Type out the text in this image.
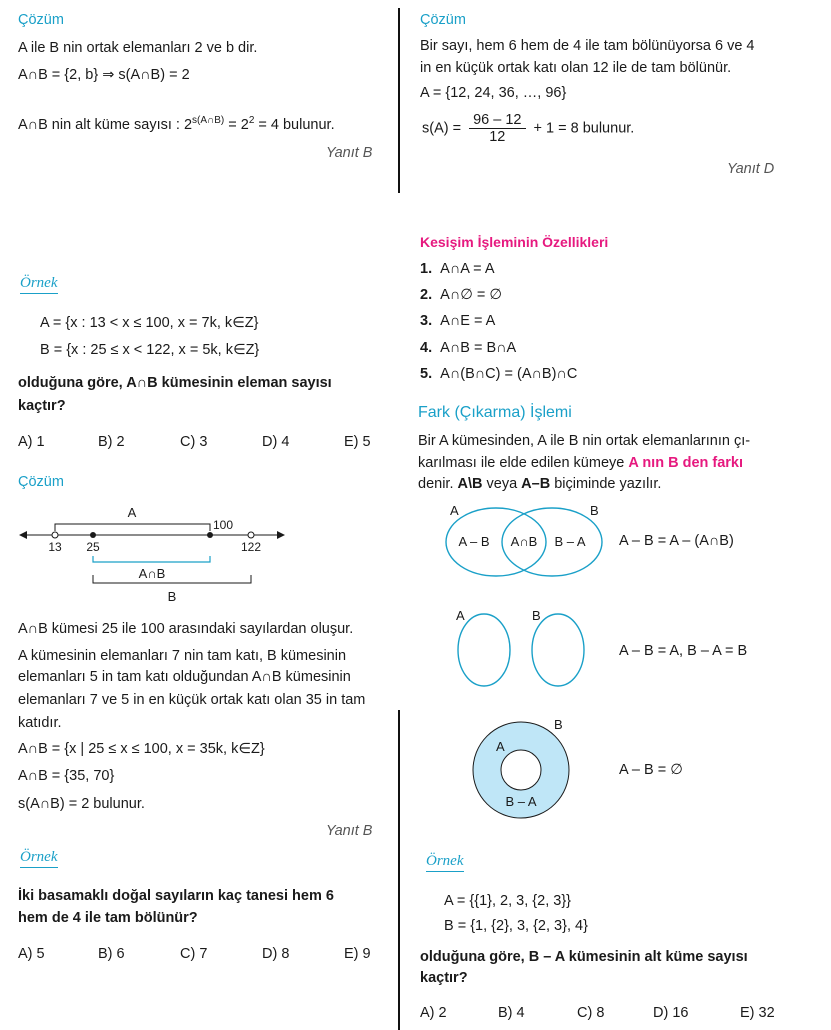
Çözüm
A ile B nin ortak elemanları 2 ve b dir.
A∩B = {2, b} ⇒ s(A∩B) = 2
A∩B nin alt küme sayısı : $2^{s(A\cap B)} = 2^2 = 4$ bulunur.
Yanıt B
Örnek
A = {x : 13 < x ≤ 100, x = 7k, k∈Z}
B = {x : 25 ≤ x < 122, x = 5k, k∈Z}
olduğuna göre, A∩B kümesinin eleman sayısı
kaçtır?
A) 1	B) 2	C) 3	D) 4	E) 5
Çözüm
A
13 25
100
122
A∩B
B
A∩B kümesi 25 ile 100 arasındaki sayılardan oluşur.
A kümesinin elemanları 7 nin tam katı, B kümesinin
elemanları 5 in tam katı olduğundan A∩B kümesinin
elemanları 7 ve 5 in en küçük ortak katı olan 35 in tam
katıdır.
A∩B = {x | 25 ≤ x ≤ 100, x = 35k, k∈Z}
A∩B = {35, 70}
s(A∩B) = 2 bulunur.
Yanıt B
Örnek
İki basamaklı doğal sayıların kaç tanesi hem 6
hem de 4 ile tam bölünür?
A) 5	B) 6	C) 7	D) 8	E) 9
Çözüm
Bir sayı, hem 6 hem de 4 ile tam bölünüyorsa 6 ve 4
in en küçük ortak katı olan 12 ile de tam bölünür.
A = {12, 24, 36, …, 96}
$s(A) = \frac{96 - 12}{12} + 1 = 8$ bulunur.
Yanıt D
Kesişim İşleminin Özellikleri
1. A∩A = A
2. A∩∅ = ∅
3. A∩E = A
4. A∩B = B∩A
5. A∩(B∩C) = (A∩B)∩C
Fark (Çıkarma) İşlemi
Bir A kümesinden, A ile B nin ortak elemanlarının çı-
karılması ile elde edilen kümeye A nın B den farkı
denir. A\B veya A–B biçiminde yazılır.
A	B
A – B A∩B B – A A – B = A – (A∩B)
A	B
A – B = A, B – A = B
A
B
B – A
A – B = ∅
Örnek
A = {{1}, 2, 3, {2, 3}}
B = {1, {2}, 3, {2, 3}, 4}
olduğuna göre, B – A kümesinin alt küme sayısı
kaçtır?
A) 2	B) 4	C) 8	D) 16	E) 32
